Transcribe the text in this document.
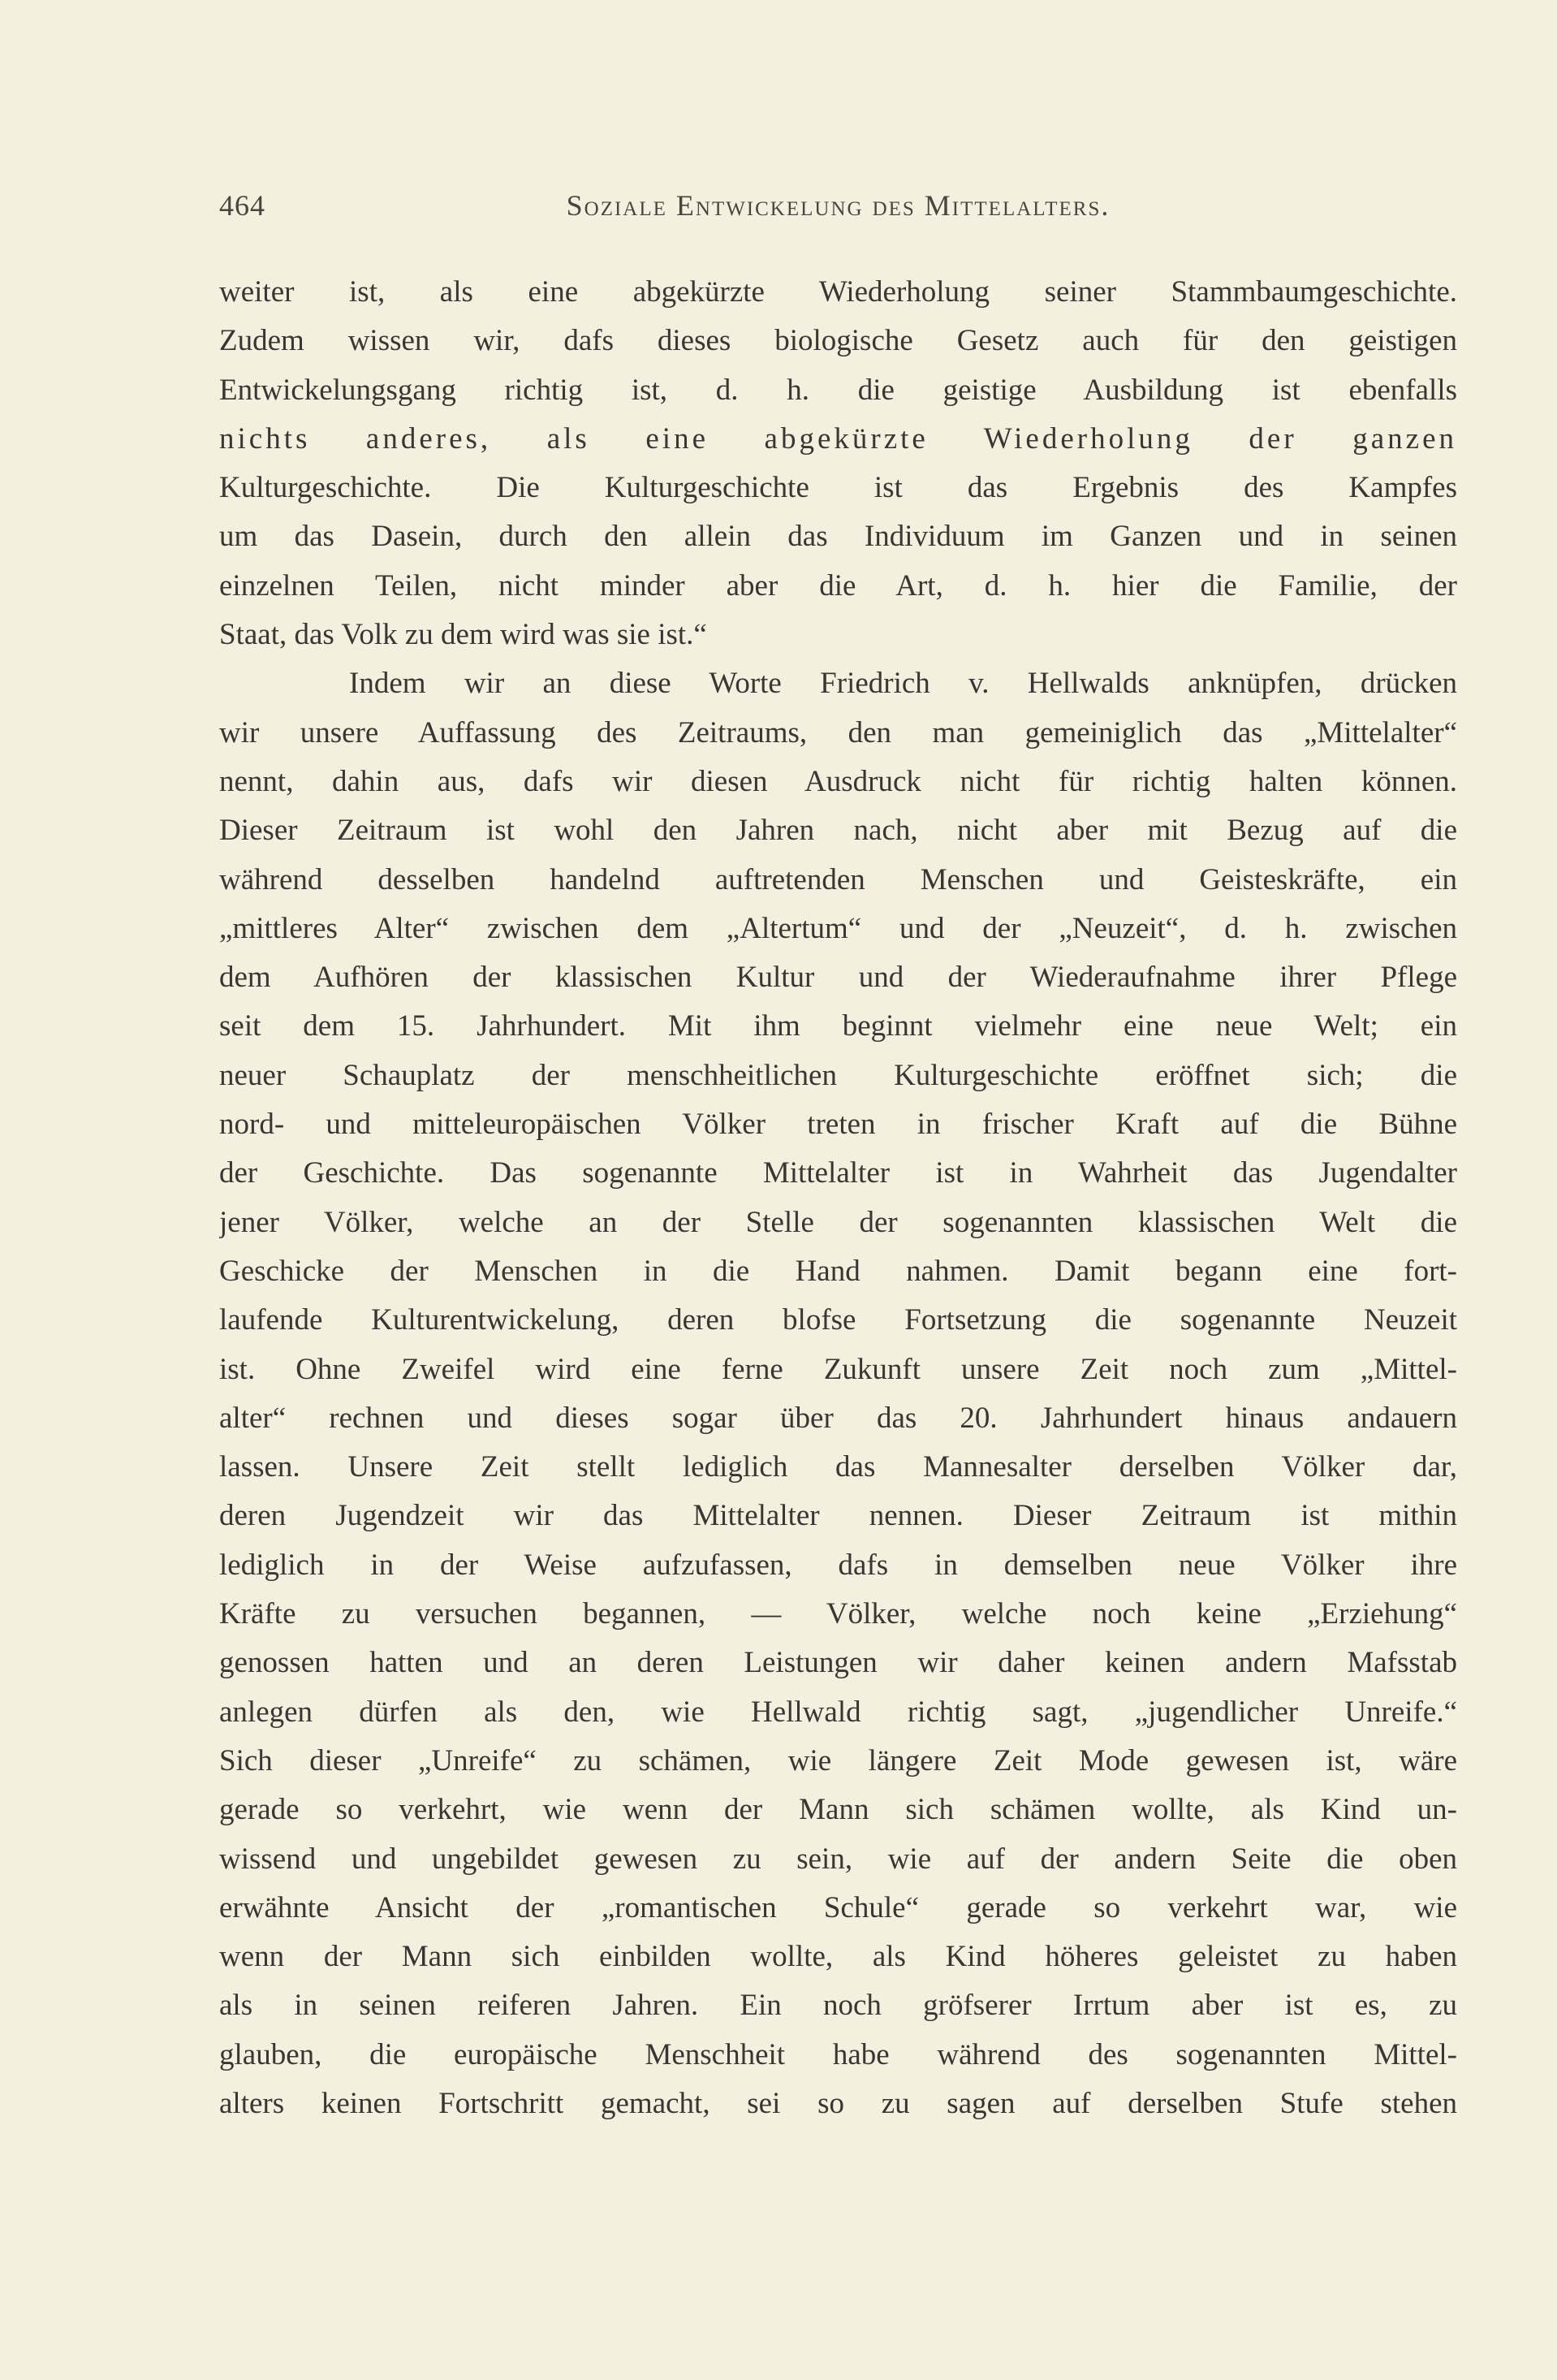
464	Soziale Entwickelung des Mittelalters.
weiter ist, als eine abgekürzte Wiederholung seiner Stammbaumgeschichte.
Zudem wissen wir, dafs dieses biologische Gesetz auch für den geistigen
Entwickelungsgang richtig ist, d. h. die geistige Ausbildung ist ebenfalls
nichts anderes, als eine abgekürzte Wiederholung der ganzen
Kulturgeschichte. Die Kulturgeschichte ist das Ergebnis des Kampfes
um das Dasein, durch den allein das Individuum im Ganzen und in seinen
einzelnen Teilen, nicht minder aber die Art, d. h. hier die Familie, der
Staat, das Volk zu dem wird was sie ist.“
Indem wir an diese Worte Friedrich v. Hellwalds anknüpfen, drücken
wir unsere Auffassung des Zeitraums, den man gemeiniglich das „Mittelalter“
nennt, dahin aus, dafs wir diesen Ausdruck nicht für richtig halten können.
Dieser Zeitraum ist wohl den Jahren nach, nicht aber mit Bezug auf die
während desselben handelnd auftretenden Menschen und Geisteskräfte, ein
„mittleres Alter“ zwischen dem „Altertum“ und der „Neuzeit“, d. h. zwischen
dem Aufhören der klassischen Kultur und der Wiederaufnahme ihrer Pflege
seit dem 15. Jahrhundert. Mit ihm beginnt vielmehr eine neue Welt; ein
neuer Schauplatz der menschheitlichen Kulturgeschichte eröffnet sich; die
nord- und mitteleuropäischen Völker treten in frischer Kraft auf die Bühne
der Geschichte. Das sogenannte Mittelalter ist in Wahrheit das Jugendalter
jener Völker, welche an der Stelle der sogenannten klassischen Welt die
Geschicke der Menschen in die Hand nahmen. Damit begann eine fort-
laufende Kulturentwickelung, deren blofse Fortsetzung die sogenannte Neuzeit
ist. Ohne Zweifel wird eine ferne Zukunft unsere Zeit noch zum „Mittel-
alter“ rechnen und dieses sogar über das 20. Jahrhundert hinaus andauern
lassen. Unsere Zeit stellt lediglich das Mannesalter derselben Völker dar,
deren Jugendzeit wir das Mittelalter nennen. Dieser Zeitraum ist mithin
lediglich in der Weise aufzufassen, dafs in demselben neue Völker ihre
Kräfte zu versuchen begannen, — Völker, welche noch keine „Erziehung“
genossen hatten und an deren Leistungen wir daher keinen andern Mafsstab
anlegen dürfen als den, wie Hellwald richtig sagt, „jugendlicher Unreife.“
Sich dieser „Unreife“ zu schämen, wie längere Zeit Mode gewesen ist, wäre
gerade so verkehrt, wie wenn der Mann sich schämen wollte, als Kind un-
wissend und ungebildet gewesen zu sein, wie auf der andern Seite die oben
erwähnte Ansicht der „romantischen Schule“ gerade so verkehrt war, wie
wenn der Mann sich einbilden wollte, als Kind höheres geleistet zu haben
als in seinen reiferen Jahren. Ein noch gröfserer Irrtum aber ist es, zu
glauben, die europäische Menschheit habe während des sogenannten Mittel-
alters keinen Fortschritt gemacht, sei so zu sagen auf derselben Stufe stehen
